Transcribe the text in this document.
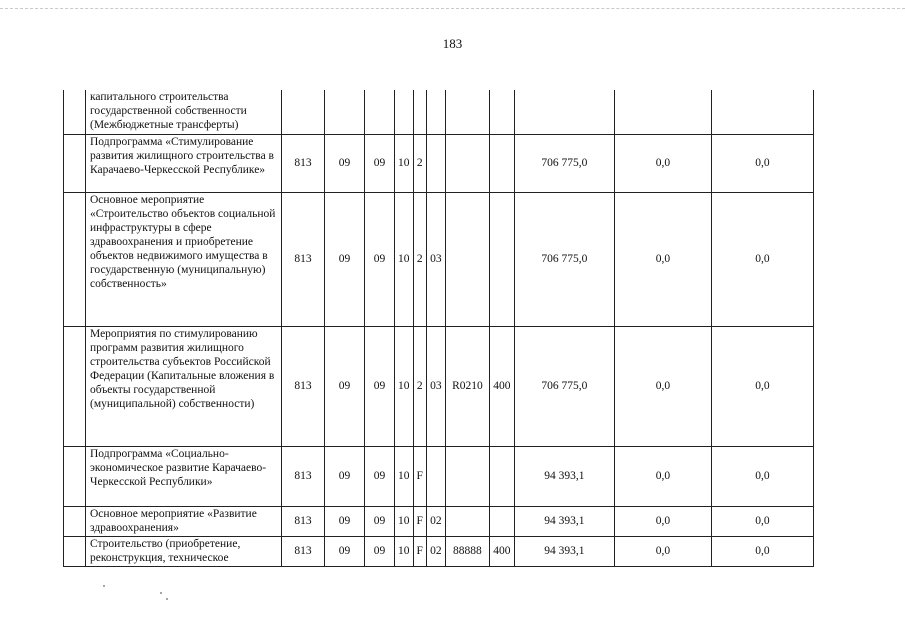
183
	капитального строительства государственной собственности (Межбюджетные трансферты)											
	Подпрограмма «Стимулирование развития жилищного строительства в Карачаево-Черкесской Республике»	813	09	09	10	2				706 775,0	0,0	0,0
	Основное мероприятие «Строительство объектов социальной инфраструктуры в сфере здравоохранения и приобретение объектов недвижимого имущества в государственную (муниципальную) собственность»	813	09	09	10	2	03			706 775,0	0,0	0,0
	Мероприятия по стимулированию программ развития жилищного строительства субъектов Российской Федерации (Капитальные вложения в объекты государственной (муниципальной) собственности)	813	09	09	10	2	03	R0210	400	706 775,0	0,0	0,0
	Подпрограмма «Социально-экономическое развитие Карачаево-Черкесской Республики»	813	09	09	10	F				94 393,1	0,0	0,0
	Основное мероприятие «Развитие здравоохранения»	813	09	09	10	F	02			94 393,1	0,0	0,0
	Строительство (приобретение, реконструкция, техническое	813	09	09	10	F	02	88888	400	94 393,1	0,0	0,0
